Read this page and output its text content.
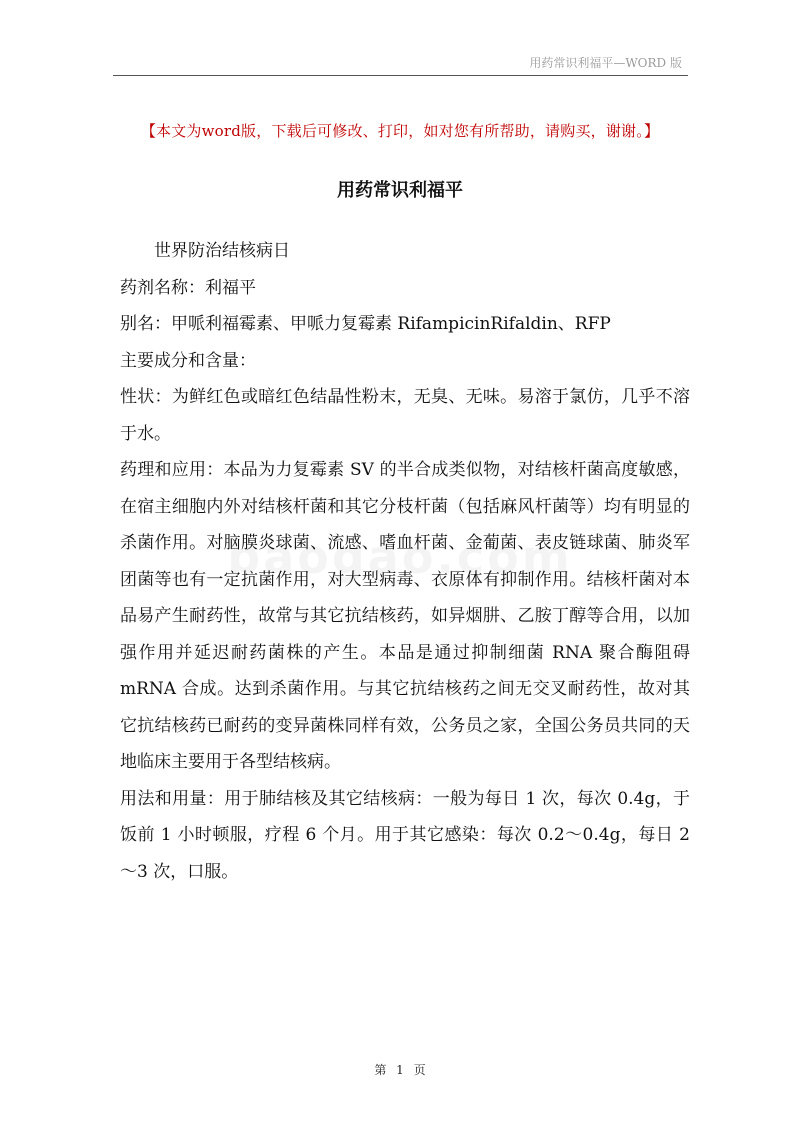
用药常识利福平—WORD 版
【本文为word版，下载后可修改、打印，如对您有所帮助，请购买，谢谢。】
用药常识利福平

世界防治结核病日

药剂名称：利福平

别名：甲哌利福霉素、甲哌力复霉素 RifampicinRifaldin、RFP

主要成分和含量：

性状：为鲜红色或暗红色结晶性粉末，无臭、无味。易溶于氯仿，几乎不溶于水。

药理和应用：本品为力复霉素 SV 的半合成类似物，对结核杆菌高度敏感，在宿主细胞内外对结核杆菌和其它分枝杆菌（包括麻风杆菌等）均有明显的杀菌作用。对脑膜炎球菌、流感、嗜血杆菌、金葡菌、表皮链球菌、肺炎军团菌等也有一定抗菌作用，对大型病毒、衣原体有抑制作用。结核杆菌对本品易产生耐药性，故常与其它抗结核药，如异烟肼、乙胺丁醇等合用，以加强作用并延迟耐药菌株的产生。本品是通过抑制细菌 RNA 聚合酶阻碍 mRNA 合成。达到杀菌作用。与其它抗结核药之间无交叉耐药性，故对其它抗结核药已耐药的变异菌株同样有效，公务员之家，全国公务员共同的天地临床主要用于各型结核病。

用法和用量：用于肺结核及其它结核病：一般为每日 1 次，每次 0.4g，于饭前 1 小时顿服，疗程 6 个月。用于其它感染：每次 0.2～0.4g，每日 2～3 次，口服。

第 1 页
